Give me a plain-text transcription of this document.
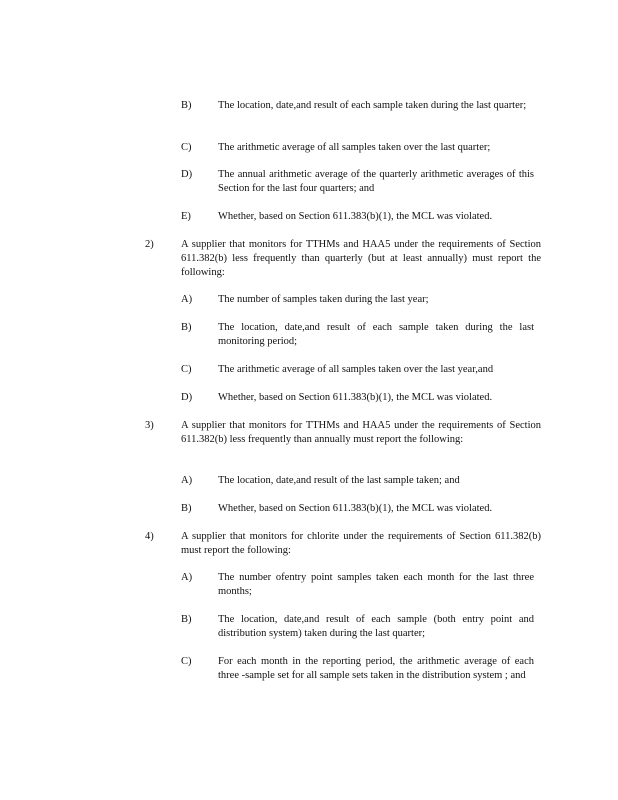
B)	The location, date,and result of each sample taken during the last quarter;
C)	The arithmetic average of all samples taken over the last quarter;
D) The annual arithmetic average of the quarterly arithmetic averages of this Section for the last four quarters; and
E)	Whether, based on Section 611.383(b)(1), the MCL was violated.
2)	A supplier that monitors for TTHMs and HAA5 under the requirements of Section 611.382(b) less frequently than quarterly (but at least annually) must report the following:
A) The number of samples taken during the last year;
B)	The location, date,and result of each sample taken during the last monitoring period;
C)	The arithmetic average of all samples taken over the last year,and
D) Whether, based on Section 611.383(b)(1), the MCL was violated.
3)	A supplier that monitors for TTHMs and HAA5 under the requirements of Section 611.382(b) less frequently than annually must report the following:
A) The location, date,and result of the last sample taken; and
B)	Whether, based on Section 611.383(b)(1), the MCL was violated.
4)	A supplier that monitors for chlorite under the requirements of Section 611.382(b) must report the following:
A) The number ofentry point samples taken each month for the last three months;
B)	The location, date,and result of each sample (both entry point and distribution system) taken during the last quarter;
C)	For each month in the reporting period, the arithmetic average of each three -sample set for all sample sets taken in the distribution system ; and
